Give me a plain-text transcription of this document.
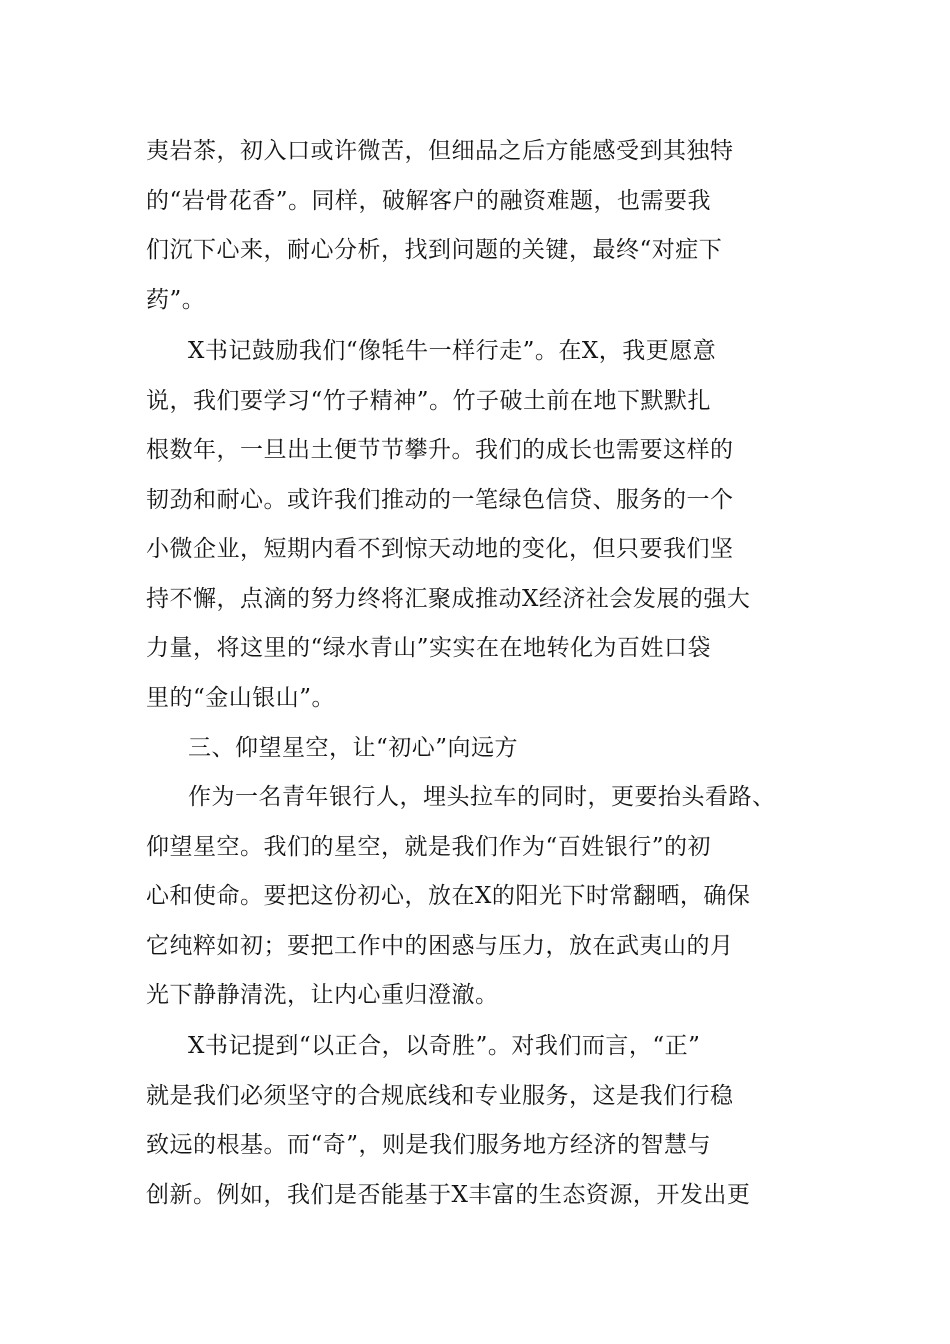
夷岩茶，初入口或许微苦，但细品之后方能感受到其独特
的“岩骨花香”。同样，破解客户的融资难题，也需要我
们沉下心来，耐心分析，找到问题的关键，最终“对症下
药”。
X书记鼓励我们“像牦牛一样行走”。在X，我更愿意
说，我们要学习“竹子精神”。竹子破土前在地下默默扎
根数年，一旦出土便节节攀升。我们的成长也需要这样的
韧劲和耐心。或许我们推动的一笔绿色信贷、服务的一个
小微企业，短期内看不到惊天动地的变化，但只要我们坚
持不懈，点滴的努力终将汇聚成推动X经济社会发展的强大
力量，将这里的“绿水青山”实实在在地转化为百姓口袋
里的“金山银山”。
三、仰望星空，让“初心”向远方
作为一名青年银行人，埋头拉车的同时，更要抬头看路、
仰望星空。我们的星空，就是我们作为“百姓银行”的初
心和使命。要把这份初心，放在X的阳光下时常翻晒，确保
它纯粹如初；要把工作中的困惑与压力，放在武夷山的月
光下静静清洗，让内心重归澄澈。
X书记提到“以正合，以奇胜”。对我们而言，“正”
就是我们必须坚守的合规底线和专业服务，这是我们行稳
致远的根基。而“奇”，则是我们服务地方经济的智慧与
创新。例如，我们是否能基于X丰富的生态资源，开发出更
